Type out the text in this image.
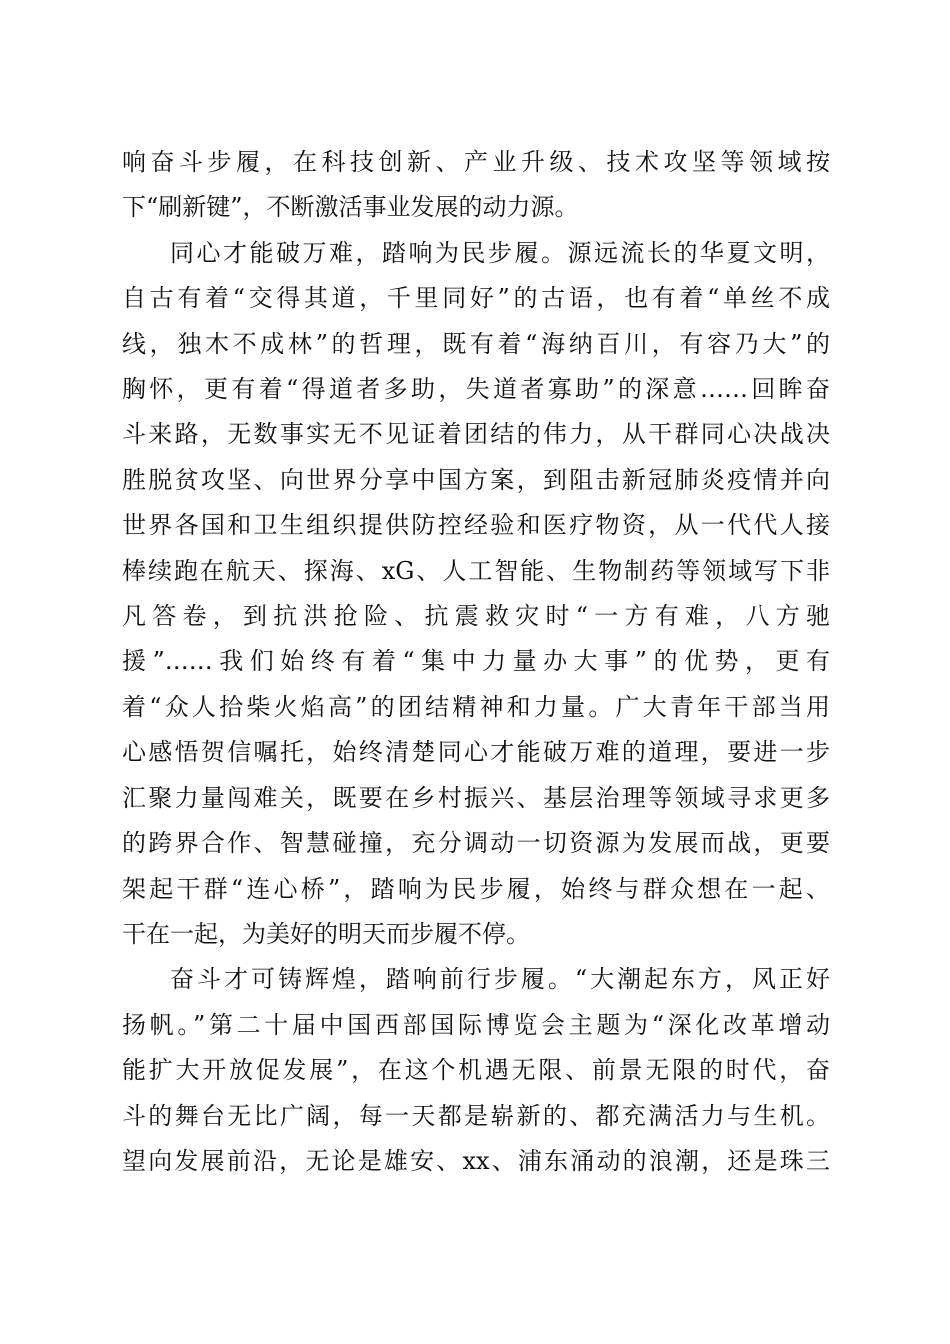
响奋斗步履，在科技创新、产业升级、技术攻坚等领域按
下“刷新键”，不断激活事业发展的动力源。

同心才能破万难，踏响为民步履。源远流长的华夏文明，
自古有着“交得其道，千里同好”的古语，也有着“单丝不成
线，独木不成林”的哲理，既有着“海纳百川，有容乃大”的
胸怀，更有着“得道者多助，失道者寡助”的深意……回眸奋
斗来路，无数事实无不见证着团结的伟力，从干群同心决战决
胜脱贫攻坚、向世界分享中国方案，到阻击新冠肺炎疫情并向
世界各国和卫生组织提供防控经验和医疗物资，从一代代人接
棒续跑在航天、探海、xG、人工智能、生物制药等领域写下非
凡答卷，到抗洪抢险、抗震救灾时“一方有难，八方驰
援”……我们始终有着“集中力量办大事”的优势，更有
着“众人拾柴火焰高”的团结精神和力量。广大青年干部当用
心感悟贺信嘱托，始终清楚同心才能破万难的道理，要进一步
汇聚力量闯难关，既要在乡村振兴、基层治理等领域寻求更多
的跨界合作、智慧碰撞，充分调动一切资源为发展而战，更要
架起干群“连心桥”，踏响为民步履，始终与群众想在一起、
干在一起，为美好的明天而步履不停。

奋斗才可铸辉煌，踏响前行步履。“大潮起东方，风正好
扬帆。”第二十届中国西部国际博览会主题为“深化改革增动
能扩大开放促发展”，在这个机遇无限、前景无限的时代，奋
斗的舞台无比广阔，每一天都是崭新的、都充满活力与生机。
望向发展前沿，无论是雄安、xx、浦东涌动的浪潮，还是珠三
